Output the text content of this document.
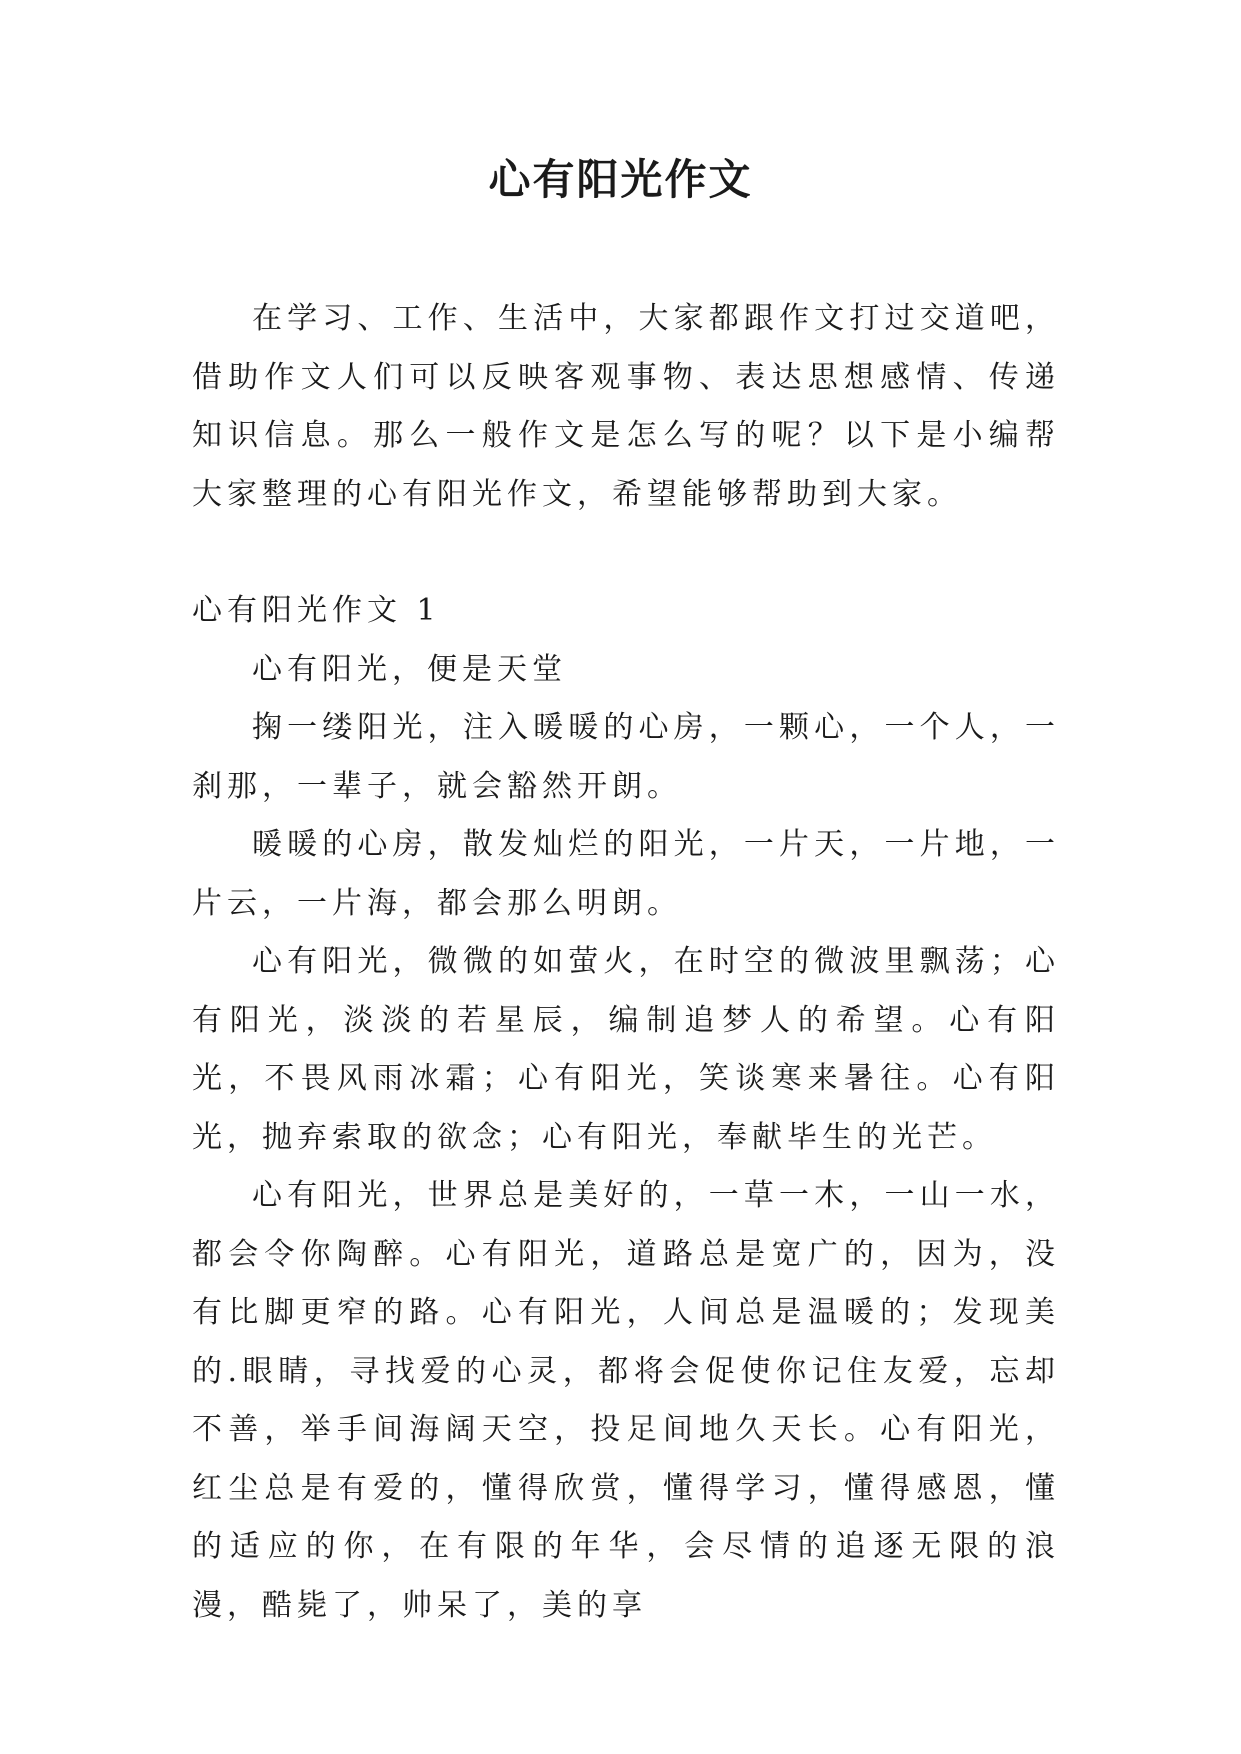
心有阳光作文

在学习、工作、生活中，大家都跟作文打过交道吧，借助作文人们可以反映客观事物、表达思想感情、传递知识信息。那么一般作文是怎么写的呢？以下是小编帮大家整理的心有阳光作文，希望能够帮助到大家。

心有阳光作文 1

心有阳光，便是天堂

掬一缕阳光，注入暖暖的心房，一颗心，一个人，一刹那，一辈子，就会豁然开朗。

暖暖的心房，散发灿烂的阳光，一片天，一片地，一片云，一片海，都会那么明朗。

心有阳光，微微的如萤火，在时空的微波里飘荡；心有阳光，淡淡的若星辰，编制追梦人的希望。心有阳光，不畏风雨冰霜；心有阳光，笑谈寒来暑往。心有阳光，抛弃索取的欲念；心有阳光，奉献毕生的光芒。

心有阳光，世界总是美好的，一草一木，一山一水，都会令你陶醉。心有阳光，道路总是宽广的，因为，没有比脚更窄的路。心有阳光，人间总是温暖的；发现美的.眼睛，寻找爱的心灵，都将会促使你记住友爱，忘却不善，举手间海阔天空，投足间地久天长。心有阳光，红尘总是有爱的，懂得欣赏，懂得学习，懂得感恩，懂的适应的你，在有限的年华，会尽情的追逐无限的浪漫，酷毙了，帅呆了，美的享
